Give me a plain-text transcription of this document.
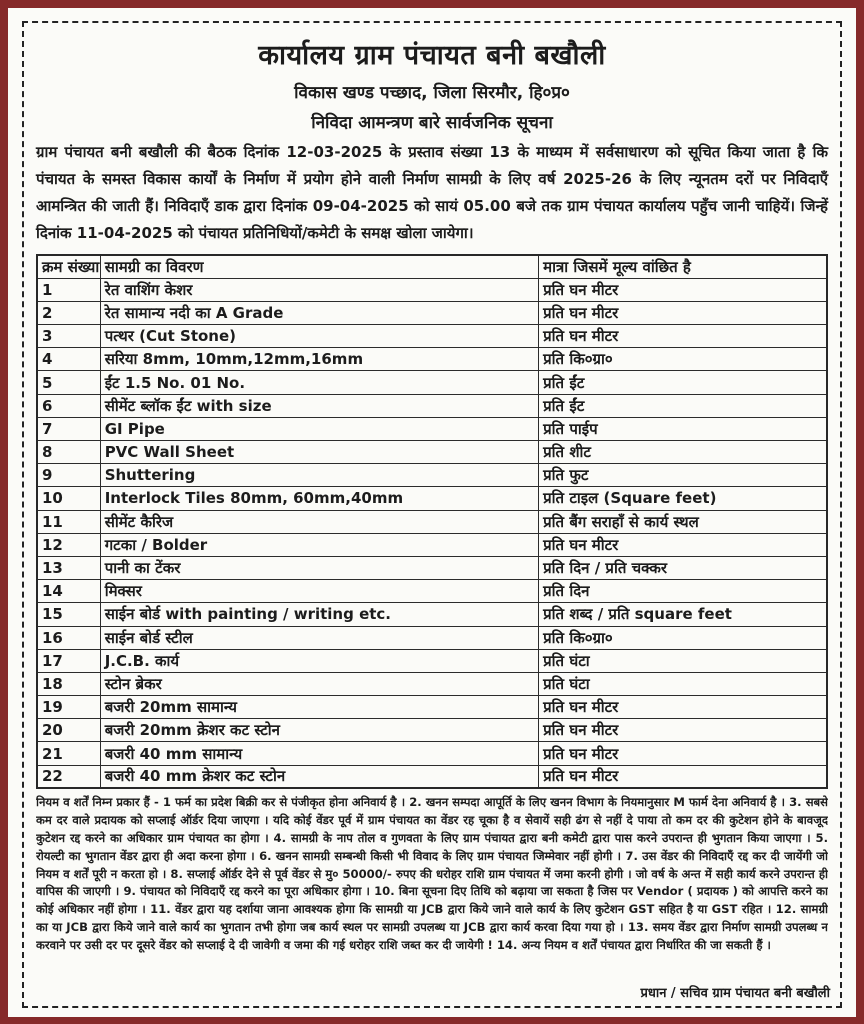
कार्यालय ग्राम पंचायत बनी बखौली
विकास खण्ड पच्छाद, जिला सिरमौर, हि०प्र०
निविदा आमन्त्रण बारे सार्वजनिक सूचना

ग्राम पंचायत बनी बखौली की बैठक दिनांक 12-03-2025 के प्रस्ताव संख्या 13 के माध्यम में सर्वसाधारण को सूचित किया जाता है कि पंचायत के समस्त विकास कार्यों के निर्माण में प्रयोग होने वाली निर्माण सामग्री के लिए वर्ष 2025-26 के लिए न्यूनतम दरों पर निविदाएँ आमन्त्रित की जाती हैं। निविदाएँ डाक द्वारा दिनांक 09-04-2025 को सायं 05.00 बजे तक ग्राम पंचायत कार्यालय पहुँच जानी चाहियें। जिन्हें दिनांक 11-04-2025 को पंचायत प्रतिनिधियों/कमेटी के समक्ष खोला जायेगा।

क्रम संख्या	सामग्री का विवरण	मात्रा जिसमें मूल्य वांछित है
1	रेत वाशिंग केशर	प्रति घन मीटर
2	रेत सामान्य नदी का A Grade	प्रति घन मीटर
3	पत्थर (Cut Stone)	प्रति घन मीटर
4	सरिया 8mm, 10mm,12mm,16mm	प्रति कि०ग्रा०
5	ईंट 1.5 No. 01 No.	प्रति ईंट
6	सीमेंट ब्लॉक ईंट with size	प्रति ईंट
7	GI Pipe	प्रति पाईप
8	PVC Wall Sheet	प्रति शीट
9	Shuttering	प्रति फुट
10	Interlock Tiles 80mm, 60mm,40mm	प्रति टाइल (Square feet)
11	सीमेंट कैरिज	प्रति बैंग सराहाँ से कार्य स्थल
12	गटका / Bolder	प्रति घन मीटर
13	पानी का टेंकर	प्रति दिन / प्रति चक्कर
14	मिक्सर	प्रति दिन
15	साईन बोर्ड with painting / writing etc.	प्रति शब्द / प्रति square feet
16	साईन बोर्ड स्टील	प्रति कि०ग्रा०
17	J.C.B. कार्य	प्रति घंटा
18	स्टोन ब्रेकर	प्रति घंटा
19	बजरी 20mm सामान्य	प्रति घन मीटर
20	बजरी 20mm क्रेशर कट स्टोन	प्रति घन मीटर
21	बजरी 40 mm सामान्य	प्रति घन मीटर
22	बजरी 40 mm क्रेशर कट स्टोन	प्रति घन मीटर

नियम व शर्तें निम्न प्रकार हैं - 1 फर्म का प्रदेश बिक्री कर से पंजीकृत होना अनिवार्य है । 2. खनन सम्पदा आपूर्ति के लिए खनन विभाग के नियमानुसार M फार्म देना अनिवार्य है । 3. सबसे कम दर वाले प्रदायक को सप्लाई ऑर्डर दिया जाएगा । यदि कोई वेंडर पूर्व में ग्राम पंचायत का वेंडर रह चूका है व सेवायें सही ढंग से नहीं दे पाया तो कम दर की कुटेशन होने के बावजूद कुटेशन रद्द करने का अधिकार ग्राम पंचायत का होगा । 4. सामग्री के नाप तोल व गुणवता के लिए ग्राम पंचायत द्वारा बनी कमेटी द्वारा पास करने उपरान्त ही भुगतान किया जाएगा । 5. रोयल्टी का भुगतान वेंडर द्वारा ही अदा करना होगा । 6. खनन सामग्री सम्बन्धी किसी भी विवाद के लिए ग्राम पंचायत जिम्मेवार नहीं होगी । 7. उस वेंडर की निविदाएँ रद्द कर दी जायेंगी जो नियम व शर्तें पूरी न करता हो । 8. सप्लाई ऑर्डर देने से पूर्व वेंडर से मु० 50000/- रुपए की धरोहर राशि ग्राम पंचायत में जमा करनी होगी । जो वर्ष के अन्त में सही कार्य करने उपरान्त ही वापिस की जाएगी । 9. पंचायत को निविदाएँ रद्द करने का पूरा अधिकार होगा । 10. बिना सूचना दिए तिथि को बढ़ाया जा सकता है जिस पर Vendor ( प्रदायक ) को आपत्ति करने का कोई अधिकार नहीं होगा । 11. वेंडर द्वारा यह दर्शाया जाना आवश्यक होगा कि सामग्री या JCB द्वारा किये जाने वाले कार्य के लिए कुटेशन GST सहित है या GST रहित । 12. सामग्री का या JCB द्वारा किये जाने वाले कार्य का भुगतान तभी होगा जब कार्य स्थल पर सामग्री उपलब्ध या JCB द्वारा कार्य करवा दिया गया हो । 13. समय वेंडर द्वारा निर्माण सामग्री उपलब्ध न करवाने पर उसी दर पर दूसरे वेंडर को सप्लाई दे दी जावेगी व जमा की गई धरोहर राशि जब्त कर दी जायेगी ! 14. अन्य नियम व शर्तें पंचायत द्वारा निर्धारित की जा सकती हैं ।

प्रधान / सचिव ग्राम पंचायत बनी बखौली
